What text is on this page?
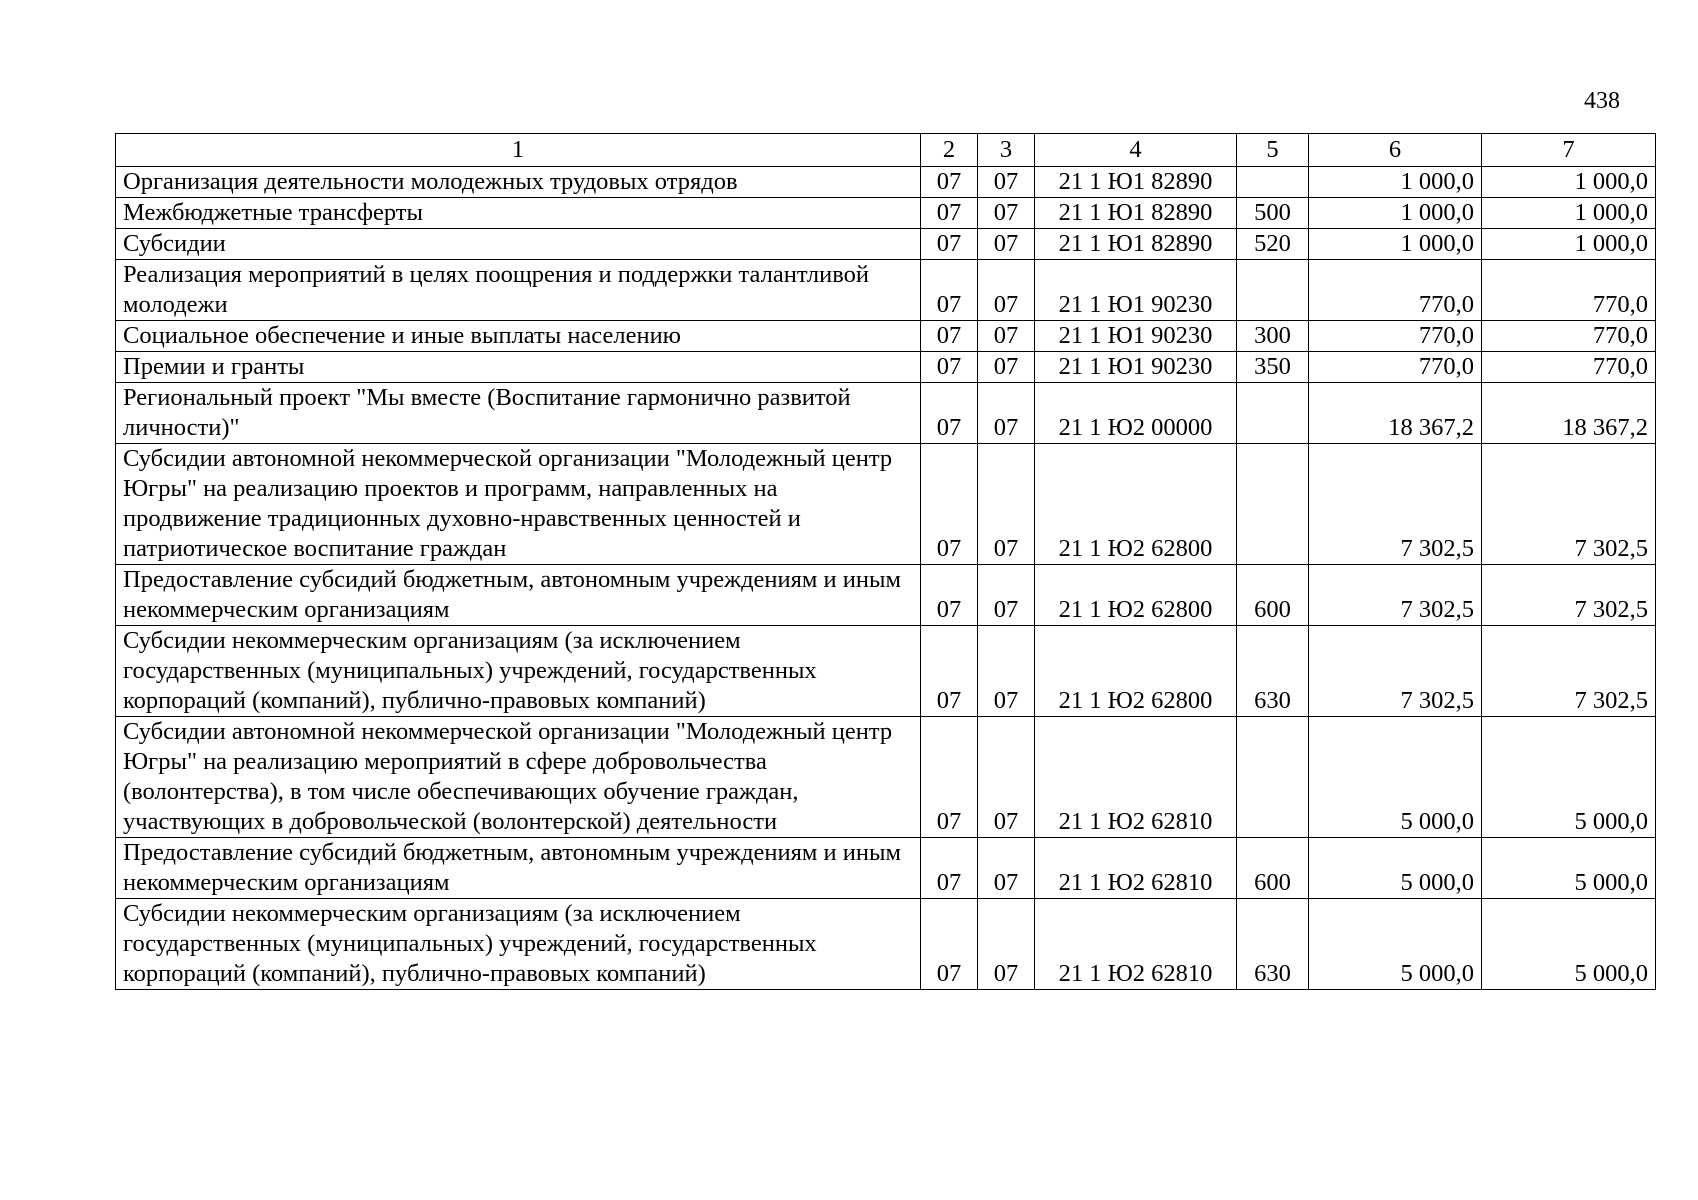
438
1	2	3	4	5	6	7
Организация деятельности молодежных трудовых отрядов	07	07	21 1 Ю1 82890		1 000,0	1 000,0
Межбюджетные трансферты	07	07	21 1 Ю1 82890	500	1 000,0	1 000,0
Субсидии	07	07	21 1 Ю1 82890	520	1 000,0	1 000,0
Реализация мероприятий в целях поощрения и поддержки талантливой молодежи	07	07	21 1 Ю1 90230		770,0	770,0
Социальное обеспечение и иные выплаты населению	07	07	21 1 Ю1 90230	300	770,0	770,0
Премии и гранты	07	07	21 1 Ю1 90230	350	770,0	770,0
Региональный проект "Мы вместе (Воспитание гармонично развитой личности)"	07	07	21 1 Ю2 00000		18 367,2	18 367,2
Субсидии автономной некоммерческой организации "Молодежный центр Югры" на реализацию проектов и программ, направленных на продвижение традиционных духовно-нравственных ценностей и патриотическое воспитание граждан	07	07	21 1 Ю2 62800		7 302,5	7 302,5
Предоставление субсидий бюджетным, автономным учреждениям и иным некоммерческим организациям	07	07	21 1 Ю2 62800	600	7 302,5	7 302,5
Субсидии некоммерческим организациям (за исключением государственных (муниципальных) учреждений, государственных корпораций (компаний), публично-правовых компаний)	07	07	21 1 Ю2 62800	630	7 302,5	7 302,5
Субсидии автономной некоммерческой организации "Молодежный центр Югры" на реализацию мероприятий в сфере добровольчества (волонтерства), в том числе обеспечивающих обучение граждан, участвующих в добровольческой (волонтерской) деятельности	07	07	21 1 Ю2 62810		5 000,0	5 000,0
Предоставление субсидий бюджетным, автономным учреждениям и иным некоммерческим организациям	07	07	21 1 Ю2 62810	600	5 000,0	5 000,0
Субсидии некоммерческим организациям (за исключением государственных (муниципальных) учреждений, государственных корпораций (компаний), публично-правовых компаний)	07	07	21 1 Ю2 62810	630	5 000,0	5 000,0
